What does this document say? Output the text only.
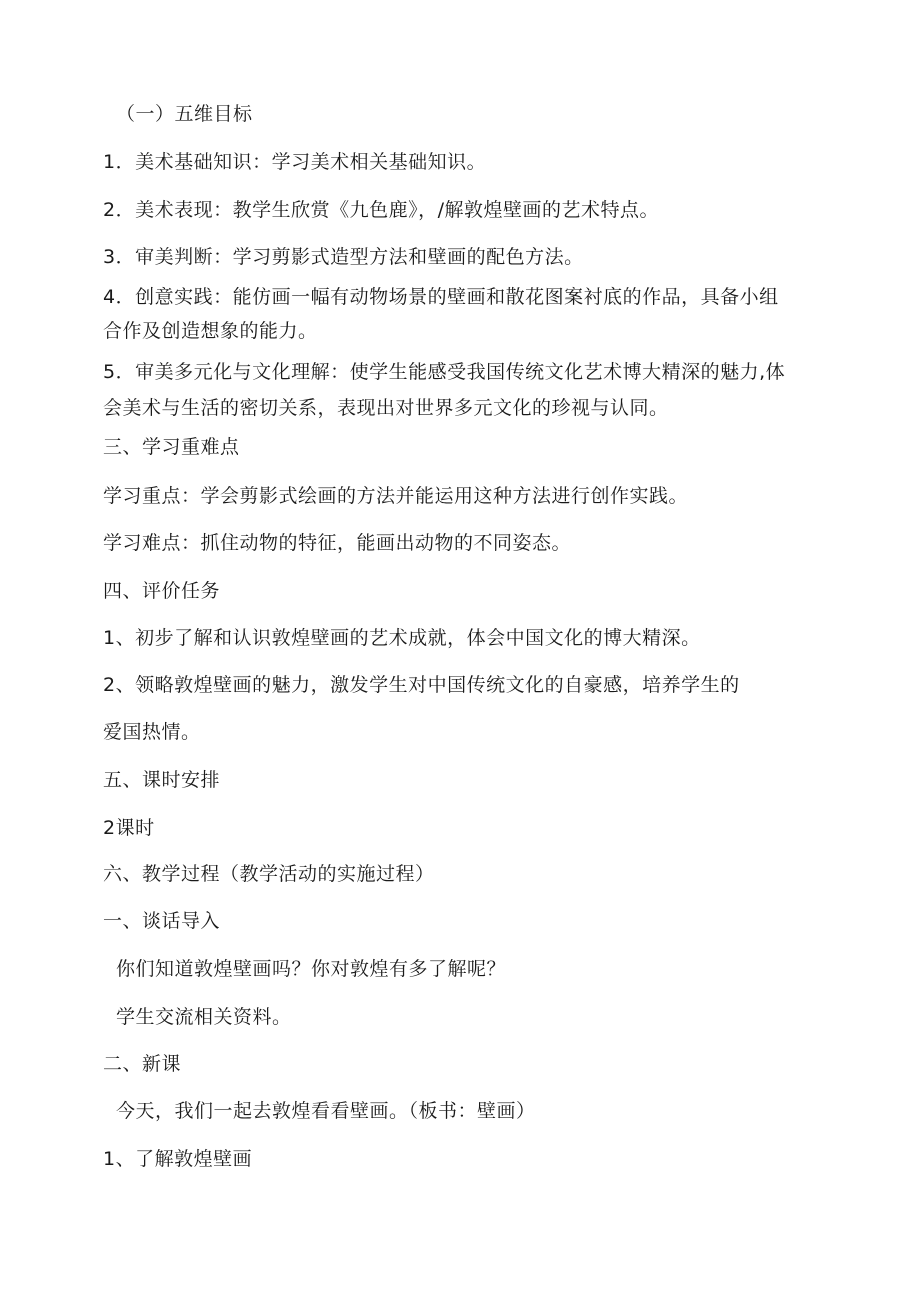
（一）五维目标
1．美术基础知识：学习美术相关基础知识。
2．美术表现：教学生欣赏《九色鹿》，/解敦煌壁画的艺术特点。
3．审美判断：学习剪影式造型方法和壁画的配色方法。
4．创意实践：能仿画一幅有动物场景的壁画和散花图案衬底的作品，具备小组
合作及创造想象的能力。
5．审美多元化与文化理解：使学生能感受我国传统文化艺术博大精深的魅力,体
会美术与生活的密切关系，表现出对世界多元文化的珍视与认同。
三、学习重难点
学习重点：学会剪影式绘画的方法并能运用这种方法进行创作实践。
学习难点：抓住动物的特征，能画出动物的不同姿态。
四、评价任务
1、初步了解和认识敦煌壁画的艺术成就，体会中国文化的博大精深。
2、领略敦煌壁画的魅力，激发学生对中国传统文化的自豪感，培养学生的
爱国热情。
五、课时安排
2课时
六、教学过程（教学活动的实施过程）
一、谈话导入
你们知道敦煌壁画吗？你对敦煌有多了解呢？
学生交流相关资料。
二、新课
今天，我们一起去敦煌看看壁画。（板书：壁画）
1、了解敦煌壁画
